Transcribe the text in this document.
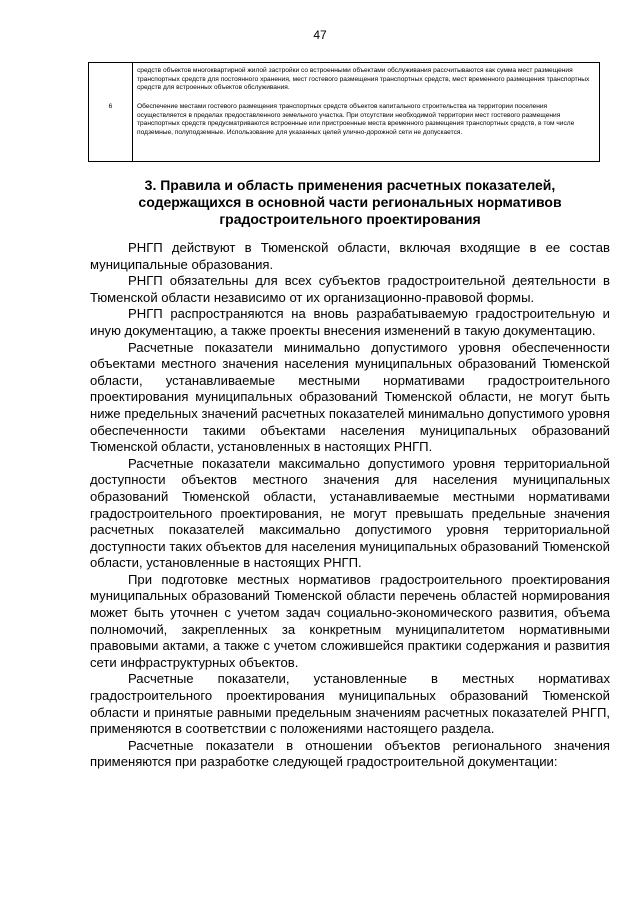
47
средств объектов многоквартирной жилой застройки со встроенными объектами обслуживания рассчитываются как сумма мест размещения транспортных средств для постоянного хранения, мест гостевого размещения транспортных средств, мест временного размещения транспортных средств для встроенных объектов обслуживания.
6	Обеспечение местами гостевого размещения транспортных средств объектов капитального строительства на территории поселения осуществляется в пределах предоставленного земельного участка. При отсутствии необходимой территории мест гостевого размещения транспортных средств предусматриваются встроенные или пристроенные места временного размещения транспортных средств, в том числе подземные, полуподземные. Использование для указанных целей улично-дорожной сети не допускается.
3. Правила и область применения расчетных показателей, содержащихся в основной части региональных нормативов градостроительного проектирования

РНГП действуют в Тюменской области, включая входящие в ее состав муниципальные образования.

РНГП обязательны для всех субъектов градостроительной деятельности в Тюменской области независимо от их организационно-правовой формы.

РНГП распространяются на вновь разрабатываемую градостроительную и иную документацию, а также проекты внесения изменений в такую документацию.

Расчетные показатели минимально допустимого уровня обеспеченности объектами местного значения населения муниципальных образований Тюменской области, устанавливаемые местными нормативами градостроительного проектирования муниципальных образований Тюменской области, не могут быть ниже предельных значений расчетных показателей минимально допустимого уровня обеспеченности такими объектами населения муниципальных образований Тюменской области, установленных в настоящих РНГП.

Расчетные показатели максимально допустимого уровня территориальной доступности объектов местного значения для населения муниципальных образований Тюменской области, устанавливаемые местными нормативами градостроительного проектирования, не могут превышать предельные значения расчетных показателей максимально допустимого уровня территориальной доступности таких объектов для населения муниципальных образований Тюменской области, установленные в настоящих РНГП.

При подготовке местных нормативов градостроительного проектирования муниципальных образований Тюменской области перечень областей нормирования может быть уточнен с учетом задач социально-экономического развития, объема полномочий, закрепленных за конкретным муниципалитетом нормативными правовыми актами, а также с учетом сложившейся практики содержания и развития сети инфраструктурных объектов.

Расчетные показатели, установленные в местных нормативах градостроительного проектирования муниципальных образований Тюменской области и принятые равными предельным значениям расчетных показателей РНГП, применяются в соответствии с положениями настоящего раздела.

Расчетные показатели в отношении объектов регионального значения применяются при разработке следующей градостроительной документации:
